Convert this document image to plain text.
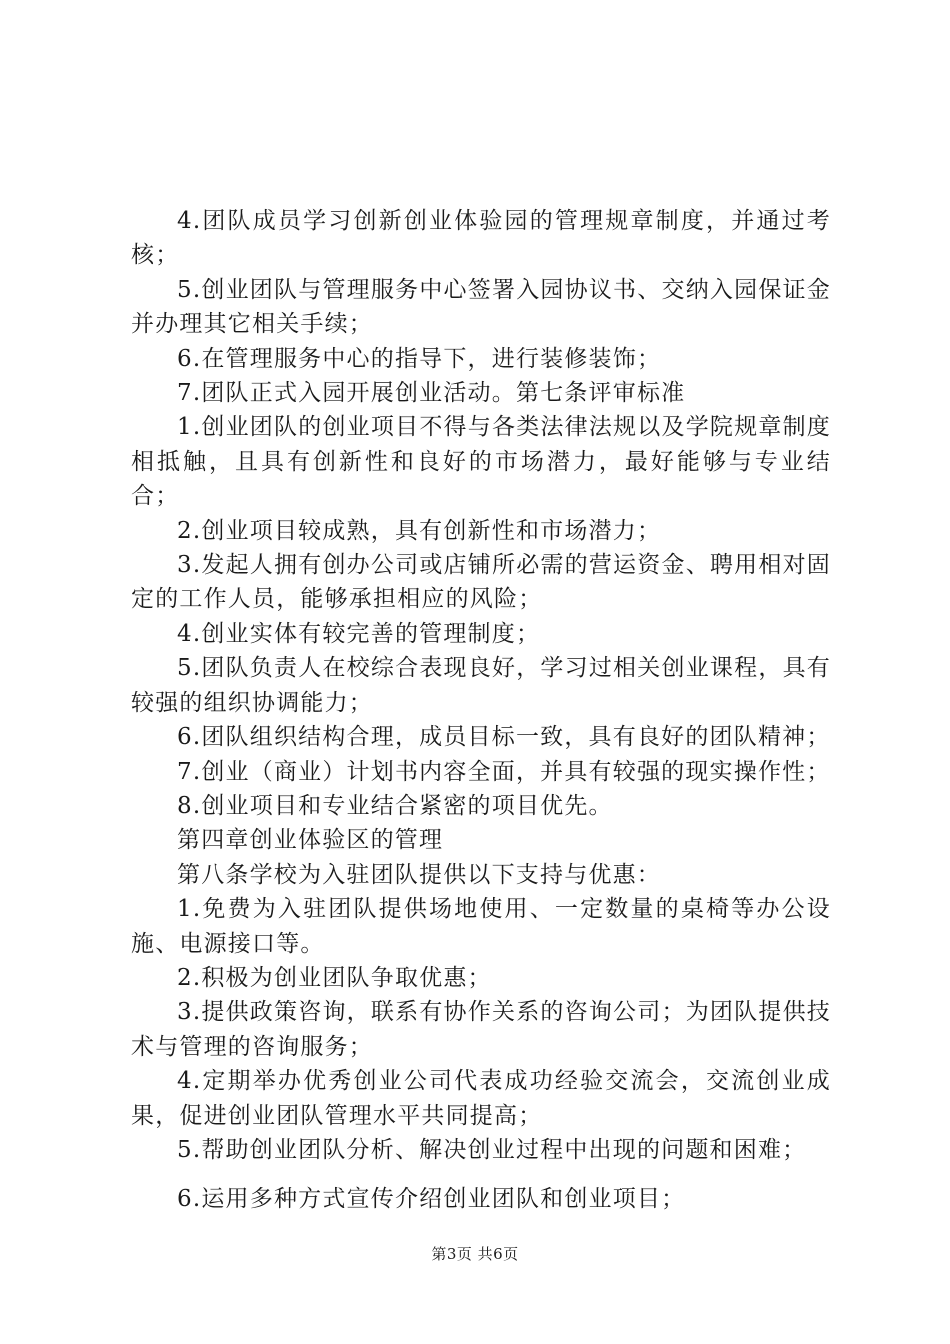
4.团队成员学习创新创业体验园的管理规章制度，并通过考核；

5.创业团队与管理服务中心签署入园协议书、交纳入园保证金并办理其它相关手续；

6.在管理服务中心的指导下，进行装修装饰；

7.团队正式入园开展创业活动。第七条评审标准

1.创业团队的创业项目不得与各类法律法规以及学院规章制度相抵触，且具有创新性和良好的市场潜力，最好能够与专业结合；

2.创业项目较成熟，具有创新性和市场潜力；

3.发起人拥有创办公司或店铺所必需的营运资金、聘用相对固定的工作人员，能够承担相应的风险；

4.创业实体有较完善的管理制度；

5.团队负责人在校综合表现良好，学习过相关创业课程，具有较强的组织协调能力；

6.团队组织结构合理，成员目标一致，具有良好的团队精神；

7.创业（商业）计划书内容全面，并具有较强的现实操作性；

8.创业项目和专业结合紧密的项目优先。

第四章创业体验区的管理

第八条学校为入驻团队提供以下支持与优惠：

1.免费为入驻团队提供场地使用、一定数量的桌椅等办公设施、电源接口等。

2.积极为创业团队争取优惠；

3.提供政策咨询，联系有协作关系的咨询公司；为团队提供技术与管理的咨询服务；

4.定期举办优秀创业公司代表成功经验交流会，交流创业成果，促进创业团队管理水平共同提高；

5.帮助创业团队分析、解决创业过程中出现的问题和困难；

6.运用多种方式宣传介绍创业团队和创业项目；

第3页 共6页
